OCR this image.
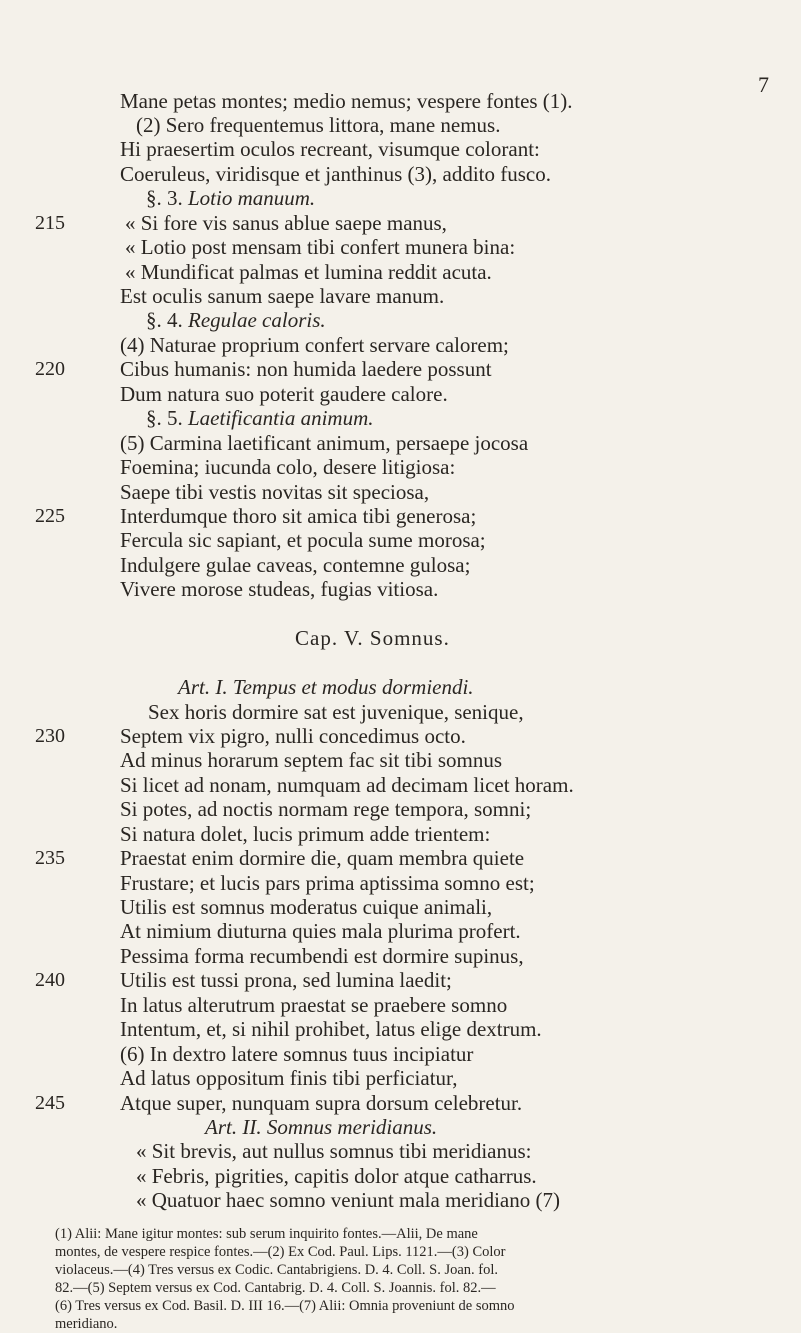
7
Mane petas montes; medio nemus; vespere fontes (1).
(2) Sero frequentemus littora, mane nemus.
Hi praesertim oculos recreant, visumque colorant:
Coeruleus, viridisque et janthinus (3), addito fusco.
§. 3. Lotio manuum.
215	« Si fore vis sanus ablue saepe manus,
« Lotio post mensam tibi confert munera bina:
« Mundificat palmas et lumina reddit acuta.
Est oculis sanum saepe lavare manum.
§. 4. Regulae caloris.
(4) Naturae proprium confert servare calorem;
220	Cibus humanis: non humida laedere possunt
Dum natura suo poterit gaudere calore.
§. 5. Laetificantia animum.
(5) Carmina laetificant animum, persaepe jocosa
Foemina; iucunda colo, desere litigiosa:
Saepe tibi vestis novitas sit speciosa,
225	Interdumque thoro sit amica tibi generosa;
Fercula sic sapiant, et pocula sume morosa;
Indulgere gulae caveas, contemne gulosa;
Vivere morose studeas, fugias vitiosa.
Cap. V. Somnus.
Art. I. Tempus et modus dormiendi.
Sex horis dormire sat est juvenique, senique,
230	Septem vix pigro, nulli concedimus octo.
Ad minus horarum septem fac sit tibi somnus
Si licet ad nonam, numquam ad decimam licet horam.
Si potes, ad noctis normam rege tempora, somni;
Si natura dolet, lucis primum adde trientem:
235	Praestat enim dormire die, quam membra quiete
Frustare; et lucis pars prima aptissima somno est;
Utilis est somnus moderatus cuique animali,
At nimium diuturna quies mala plurima profert.
Pessima forma recumbendi est dormire supinus,
240	Utilis est tussi prona, sed lumina laedit;
In latus alterutrum praestat se praebere somno
Intentum, et, si nihil prohibet, latus elige dextrum.
(6) In dextro latere somnus tuus incipiatur
Ad latus oppositum finis tibi perficiatur,
245	Atque super, nunquam supra dorsum celebretur.
Art. II. Somnus meridianus.
« Sit brevis, aut nullus somnus tibi meridianus:
« Febris, pigrities, capitis dolor atque catharrus.
« Quatuor haec somno veniunt mala meridiano (7)
(1) Alii: Mane igitur montes: sub serum inquirito fontes.—Alii, De mane
montes, de vespere respice fontes.—(2) Ex Cod. Paul. Lips. 1121.—(3) Color
violaceus.—(4) Tres versus ex Codic. Cantabrigiens. D. 4. Coll. S. Joan. fol.
82.—(5) Septem versus ex Cod. Cantabrig. D. 4. Coll. S. Joannis. fol. 82.—
(6) Tres versus ex Cod. Basil. D. III 16.—(7) Alii: Omnia proveniunt de somno
meridiano.
